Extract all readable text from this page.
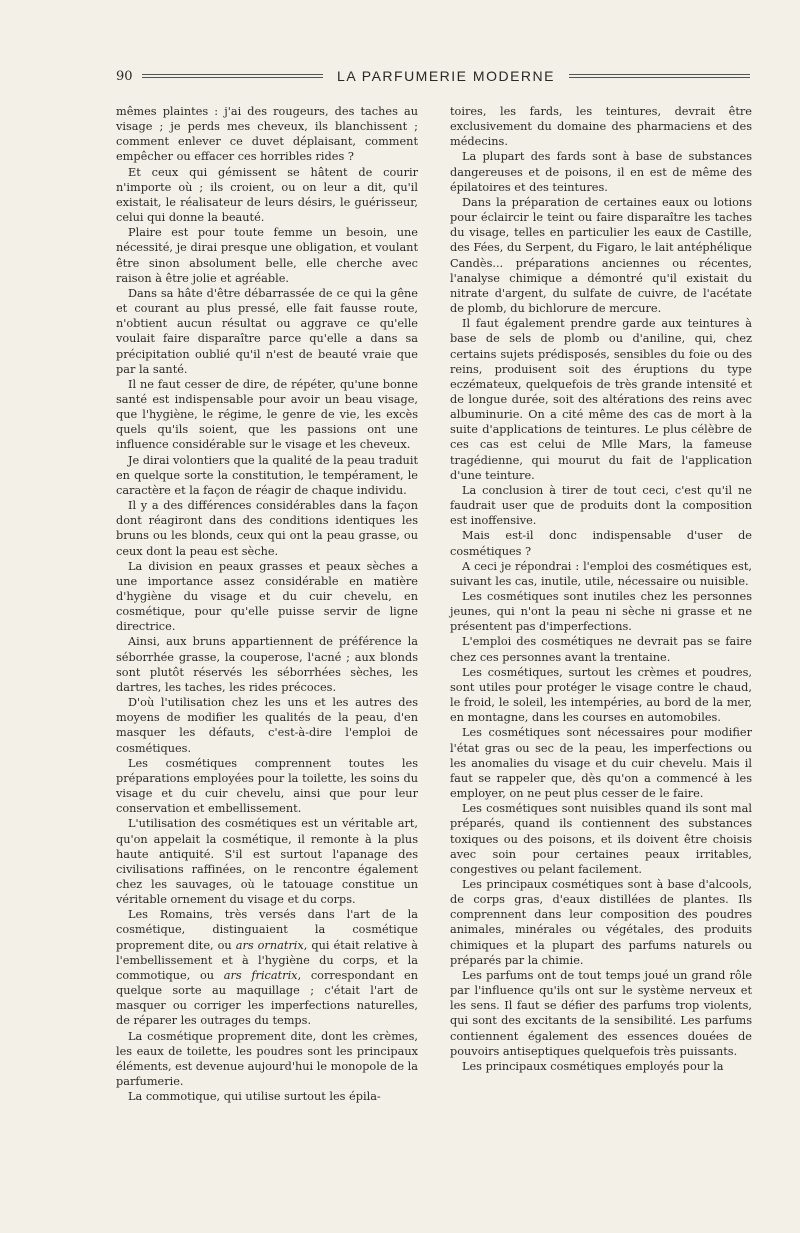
90	LA PARFUMERIE MODERNE

mêmes plaintes : j'ai des rougeurs, des taches au visage ; je perds mes cheveux, ils blanchissent ; comment enlever ce duvet déplaisant, comment empêcher ou effacer ces horribles rides ?

Et ceux qui gémissent se hâtent de courir n'importe où ; ils croient, ou on leur a dit, qu'il existait, le réalisateur de leurs désirs, le guérisseur, celui qui donne la beauté.

Plaire est pour toute femme un besoin, une nécessité, je dirai presque une obligation, et voulant être sinon absolument belle, elle cherche avec raison à être jolie et agréable.

Dans sa hâte d'être débarrassée de ce qui la gêne et courant au plus pressé, elle fait fausse route, n'obtient aucun résultat ou aggrave ce qu'elle voulait faire disparaître parce qu'elle a dans sa précipitation oublié qu'il n'est de beauté vraie que par la santé.

Il ne faut cesser de dire, de répéter, qu'une bonne santé est indispensable pour avoir un beau visage, que l'hygiène, le régime, le genre de vie, les excès quels qu'ils soient, que les passions ont une influence considérable sur le visage et les cheveux.

Je dirai volontiers que la qualité de la peau traduit en quelque sorte la constitution, le tempérament, le caractère et la façon de réagir de chaque individu.

Il y a des différences considérables dans la façon dont réagiront dans des conditions identiques les bruns ou les blonds, ceux qui ont la peau grasse, ou ceux dont la peau est sèche.

La division en peaux grasses et peaux sèches a une importance assez considérable en matière d'hygiène du visage et du cuir chevelu, en cosmétique, pour qu'elle puisse servir de ligne directrice.

Ainsi, aux bruns appartiennent de préférence la séborrhée grasse, la couperose, l'acné ; aux blonds sont plutôt réservés les séborrhées sèches, les dartres, les taches, les rides précoces.

D'où l'utilisation chez les uns et les autres des moyens de modifier les qualités de la peau, d'en masquer les défauts, c'est-à-dire l'emploi de cosmétiques.

Les cosmétiques comprennent toutes les préparations employées pour la toilette, les soins du visage et du cuir chevelu, ainsi que pour leur conservation et embellissement.

L'utilisation des cosmétiques est un véritable art, qu'on appelait la cosmétique, il remonte à la plus haute antiquité. S'il est surtout l'apanage des civilisations raffinées, on le rencontre également chez les sauvages, où le tatouage constitue un véritable ornement du visage et du corps.

Les Romains, très versés dans l'art de la cosmétique, distinguaient la cosmétique proprement dite, ou ars ornatrix, qui était relative à l'embellissement et à l'hygiène du corps, et la commotique, ou ars fricatrix, correspondant en quelque sorte au maquillage ; c'était l'art de masquer ou corriger les imperfections naturelles, de réparer les outrages du temps.

La cosmétique proprement dite, dont les crèmes, les eaux de toilette, les poudres sont les principaux éléments, est devenue aujourd'hui le monopole de la parfumerie.

La commotique, qui utilise surtout les épila-

toires, les fards, les teintures, devrait être exclusivement du domaine des pharmaciens et des médecins.

La plupart des fards sont à base de substances dangereuses et de poisons, il en est de même des épilatoires et des teintures.

Dans la préparation de certaines eaux ou lotions pour éclaircir le teint ou faire disparaître les taches du visage, telles en particulier les eaux de Castille, des Fées, du Serpent, du Figaro, le lait antéphélique Candès... préparations anciennes ou récentes, l'analyse chimique a démontré qu'il existait du nitrate d'argent, du sulfate de cuivre, de l'acétate de plomb, du bichlorure de mercure.

Il faut également prendre garde aux teintures à base de sels de plomb ou d'aniline, qui, chez certains sujets prédisposés, sensibles du foie ou des reins, produisent soit des éruptions du type eczémateux, quelquefois de très grande intensité et de longue durée, soit des altérations des reins avec albuminurie. On a cité même des cas de mort à la suite d'applications de teintures. Le plus célèbre de ces cas est celui de Mlle Mars, la fameuse tragédienne, qui mourut du fait de l'application d'une teinture.

La conclusion à tirer de tout ceci, c'est qu'il ne faudrait user que de produits dont la composition est inoffensive.

Mais est-il donc indispensable d'user de cosmétiques ?

A ceci je répondrai : l'emploi des cosmétiques est, suivant les cas, inutile, utile, nécessaire ou nuisible.

Les cosmétiques sont inutiles chez les personnes jeunes, qui n'ont la peau ni sèche ni grasse et ne présentent pas d'imperfections.

L'emploi des cosmétiques ne devrait pas se faire chez ces personnes avant la trentaine.

Les cosmétiques, surtout les crèmes et poudres, sont utiles pour protéger le visage contre le chaud, le froid, le soleil, les intempéries, au bord de la mer, en montagne, dans les courses en automobiles.

Les cosmétiques sont nécessaires pour modifier l'état gras ou sec de la peau, les imperfections ou les anomalies du visage et du cuir chevelu. Mais il faut se rappeler que, dès qu'on a commencé à les employer, on ne peut plus cesser de le faire.

Les cosmétiques sont nuisibles quand ils sont mal préparés, quand ils contiennent des substances toxiques ou des poisons, et ils doivent être choisis avec soin pour certaines peaux irritables, congestives ou pelant facilement.

Les principaux cosmétiques sont à base d'alcools, de corps gras, d'eaux distillées de plantes. Ils comprennent dans leur composition des poudres animales, minérales ou végétales, des produits chimiques et la plupart des parfums naturels ou préparés par la chimie.

Les parfums ont de tout temps joué un grand rôle par l'influence qu'ils ont sur le système nerveux et les sens. Il faut se défier des parfums trop violents, qui sont des excitants de la sensibilité. Les parfums contiennent également des essences douées de pouvoirs antiseptiques quelquefois très puissants.

Les principaux cosmétiques employés pour la
